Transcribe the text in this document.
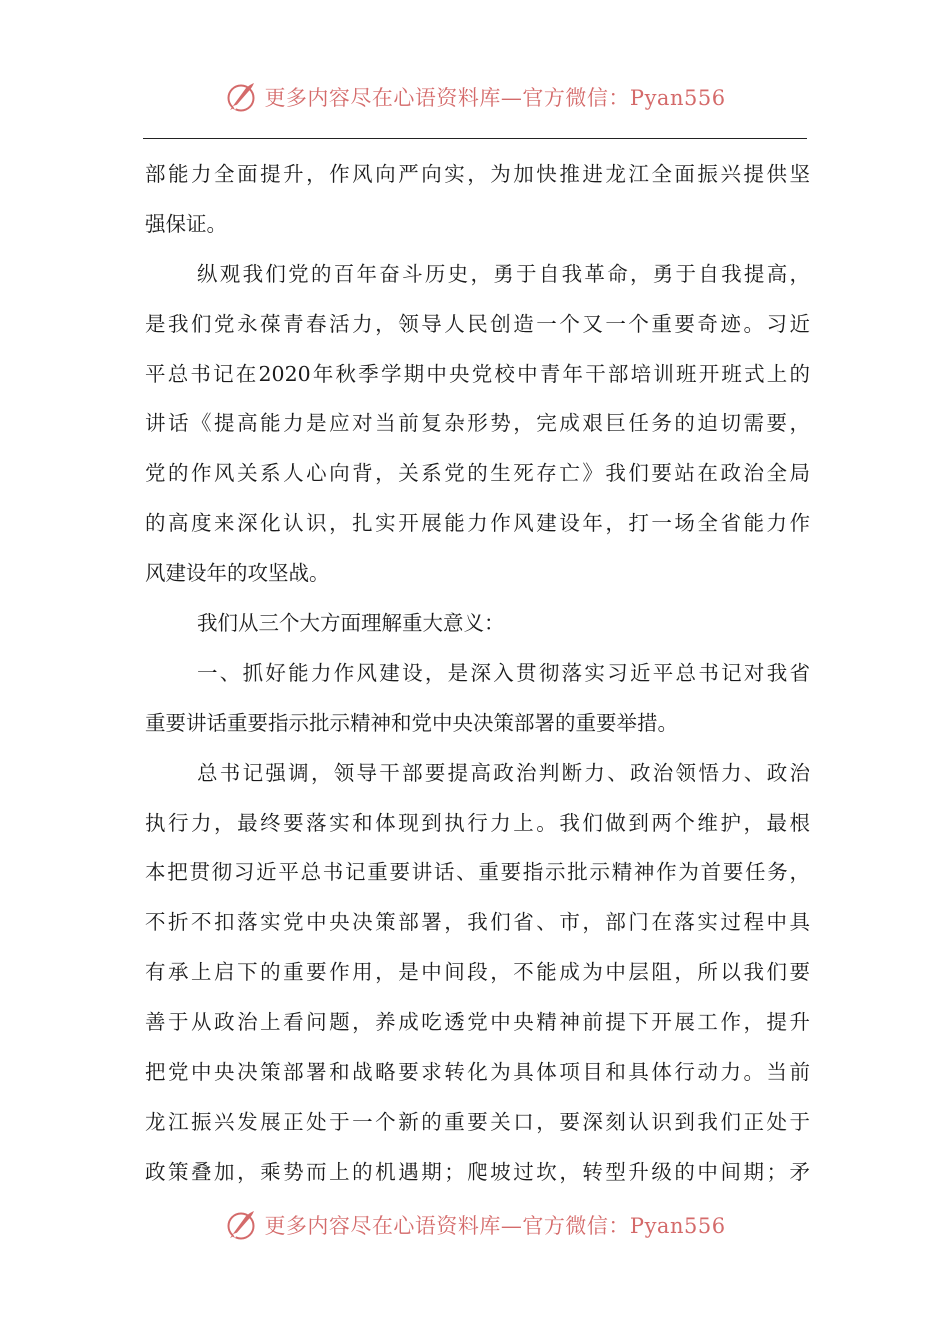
更多内容尽在心语资料库—官方微信：Pyan556
部能力全面提升，作风向严向实，为加快推进龙江全面振兴提供坚
强保证。
纵观我们党的百年奋斗历史，勇于自我革命，勇于自我提高，
是我们党永葆青春活力，领导人民创造一个又一个重要奇迹。习近
平总书记在2020年秋季学期中央党校中青年干部培训班开班式上的
讲话《提高能力是应对当前复杂形势，完成艰巨任务的迫切需要，
党的作风关系人心向背，关系党的生死存亡》我们要站在政治全局
的高度来深化认识，扎实开展能力作风建设年，打一场全省能力作
风建设年的攻坚战。
我们从三个大方面理解重大意义：
一、抓好能力作风建设，是深入贯彻落实习近平总书记对我省
重要讲话重要指示批示精神和党中央决策部署的重要举措。
总书记强调，领导干部要提高政治判断力、政治领悟力、政治
执行力，最终要落实和体现到执行力上。我们做到两个维护，最根
本把贯彻习近平总书记重要讲话、重要指示批示精神作为首要任务，
不折不扣落实党中央决策部署，我们省、市，部门在落实过程中具
有承上启下的重要作用，是中间段，不能成为中层阻，所以我们要
善于从政治上看问题，养成吃透党中央精神前提下开展工作，提升
把党中央决策部署和战略要求转化为具体项目和具体行动力。当前
龙江振兴发展正处于一个新的重要关口，要深刻认识到我们正处于
政策叠加，乘势而上的机遇期；爬坡过坎，转型升级的中间期；矛
更多内容尽在心语资料库—官方微信：Pyan556
